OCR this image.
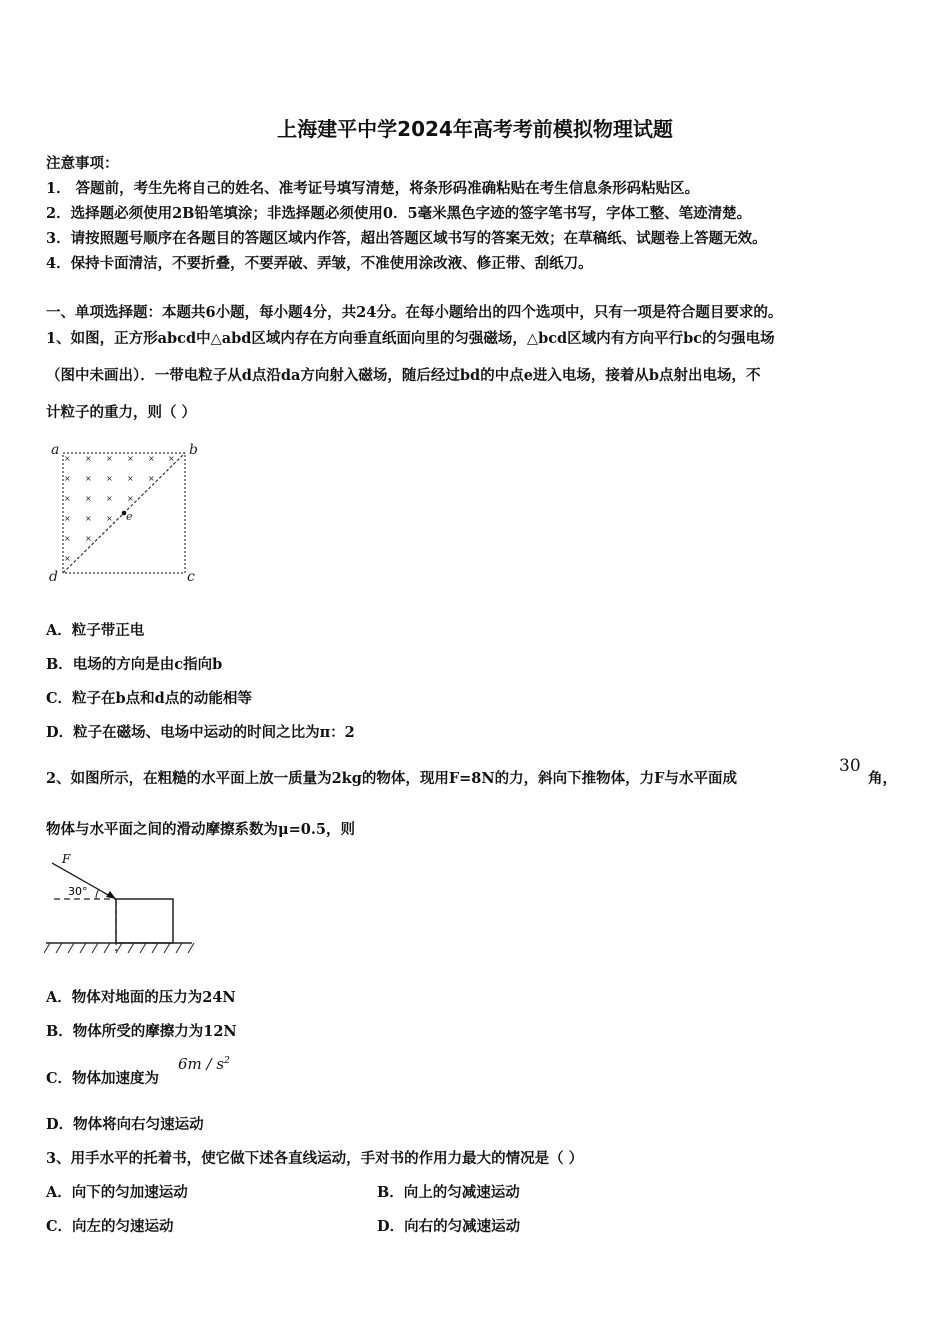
上海建平中学2024年高考考前模拟物理试题
注意事项：
1． 答题前，考生先将自己的姓名、准考证号填写清楚，将条形码准确粘贴在考生信息条形码粘贴区。
2．选择题必须使用2B铅笔填涂；非选择题必须使用0．5毫米黑色字迹的签字笔书写，字体工整、笔迹清楚。
3．请按照题号顺序在各题目的答题区域内作答，超出答题区域书写的答案无效；在草稿纸、试题卷上答题无效。
4．保持卡面清洁，不要折叠，不要弄破、弄皱，不准使用涂改液、修正带、刮纸刀。
一、单项选择题：本题共6小题，每小题4分，共24分。在每小题给出的四个选项中，只有一项是符合题目要求的。
1、如图，正方形abcd中△abd区域内存在方向垂直纸面向里的匀强磁场，△bcd区域内有方向平行bc的匀强电场
（图中未画出）．一带电粒子从d点沿da方向射入磁场，随后经过bd的中点e进入电场，接着从b点射出电场，不
计粒子的重力，则（ ）
× × × × × ×
× × × × ×
× × × ×
× × ×
× ×
×
a	b
c
d
e
A．粒子带正电
B．电场的方向是由c指向b
C．粒子在b点和d点的动能相等
D．粒子在磁场、电场中运动的时间之比为π：2
2、如图所示，在粗糙的水平面上放一质量为2kg的物体，现用F=8N的力，斜向下推物体，力F与水平面成
30
角，
物体与水平面之间的滑动摩擦系数为μ=0.5，则
F
30°
A．物体对地面的压力为24N
B．物体所受的摩擦力为12N
C．物体加速度为
$6m / s^2$
D．物体将向右匀速运动
3、用手水平的托着书，使它做下述各直线运动，手对书的作用力最大的情况是（ ）
A．向下的匀加速运动	B．向上的匀减速运动
C．向左的匀速运动	D．向右的匀减速运动
